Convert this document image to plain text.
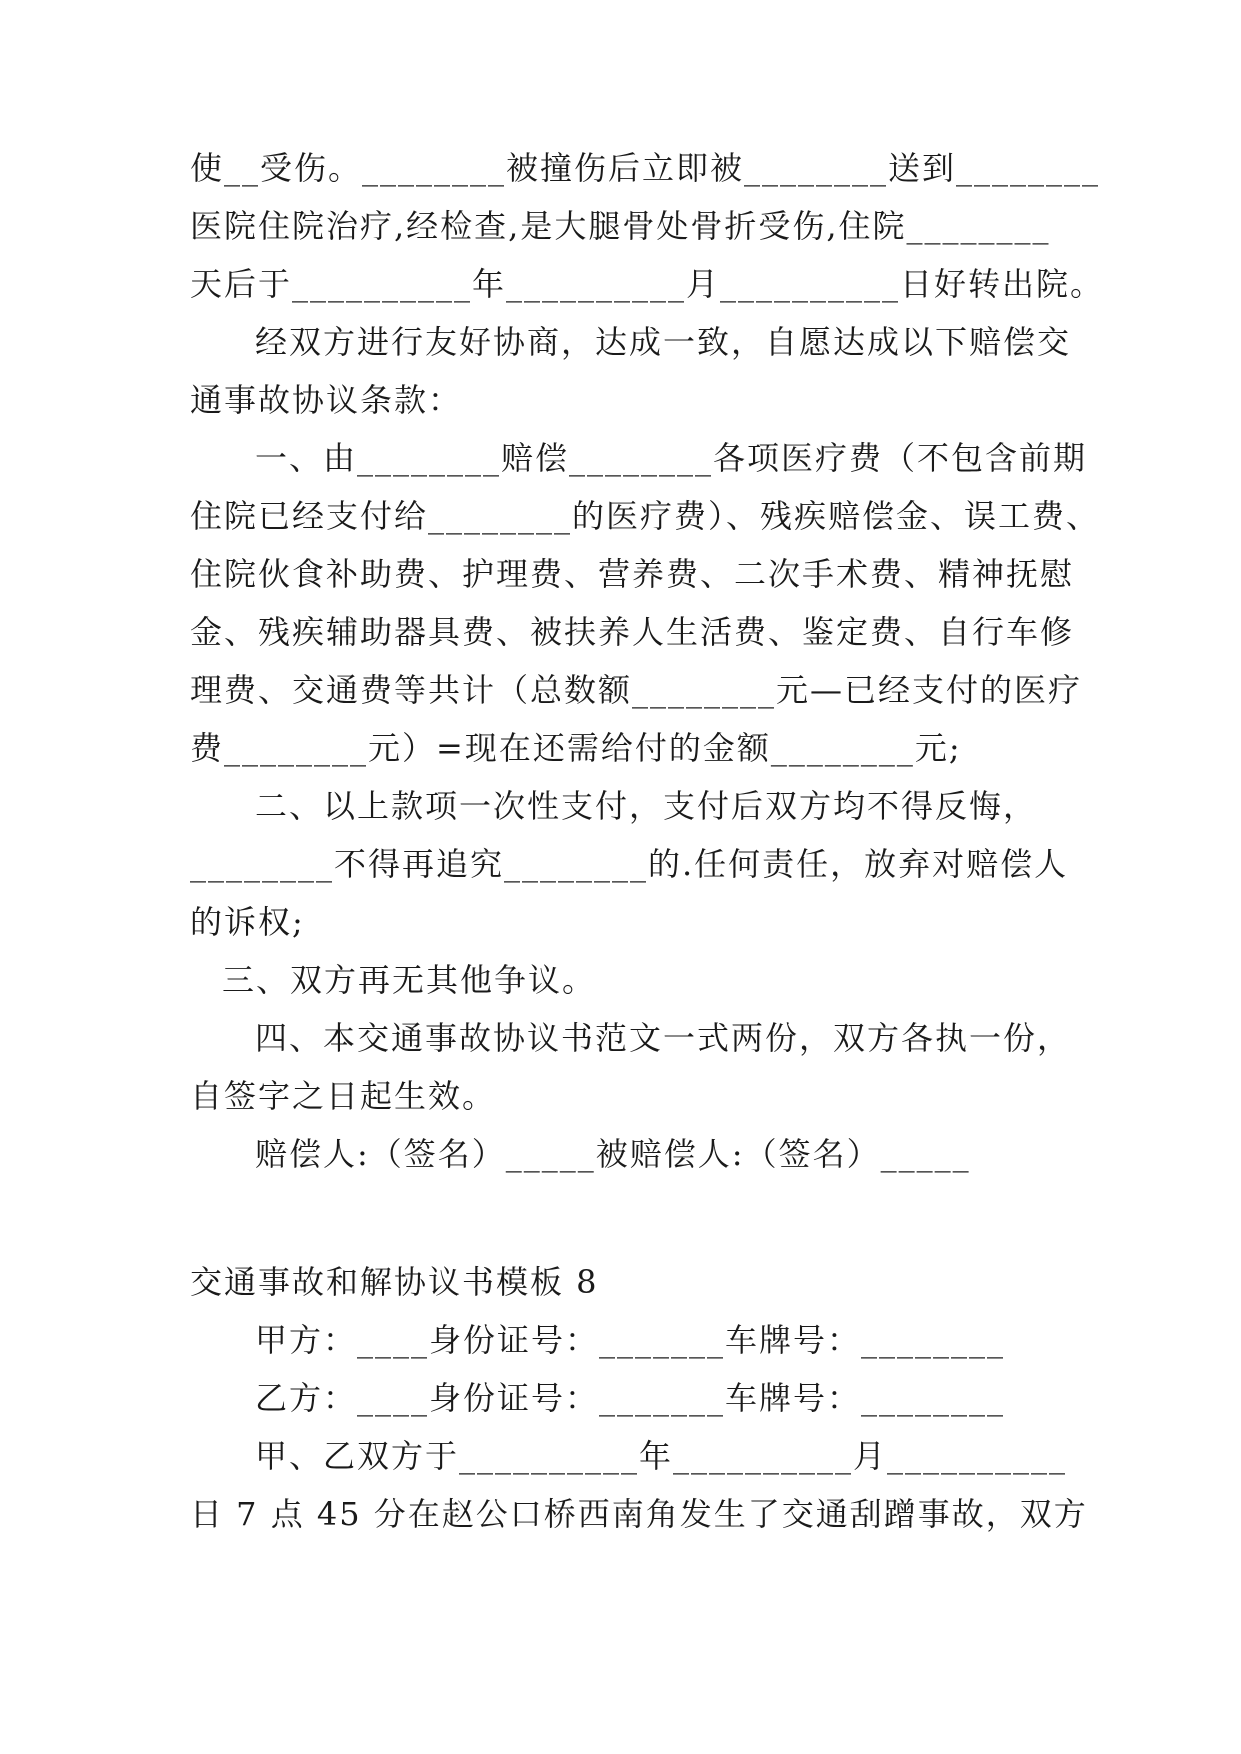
使__受伤。________被撞伤后立即被________送到________
医院住院治疗,经检查,是大腿骨处骨折受伤,住院________
天后于__________年__________月__________日好转出院。
经双方进行友好协商，达成一致，自愿达成以下赔偿交
通事故协议条款：
一、由________赔偿________各项医疗费（不包含前期
住院已经支付给________的医疗费）、残疾赔偿金、误工费、
住院伙食补助费、护理费、营养费、二次手术费、精神抚慰
金、残疾辅助器具费、被扶养人生活费、鉴定费、自行车修
理费、交通费等共计（总数额________元—已经支付的医疗
费________元）=现在还需给付的金额________元;
二、以上款项一次性支付，支付后双方均不得反悔，
________不得再追究________的.任何责任，放弃对赔偿人
的诉权;
三、双方再无其他争议。
四、本交通事故协议书范文一式两份，双方各执一份，
自签字之日起生效。
赔偿人:（签名）_____被赔偿人:（签名）_____
交通事故和解协议书模板 8
甲方：____身份证号：_______车牌号：________
乙方：____身份证号：_______车牌号：________
甲、乙双方于__________年__________月__________
日 7 点 45 分在赵公口桥西南角发生了交通刮蹭事故，双方
